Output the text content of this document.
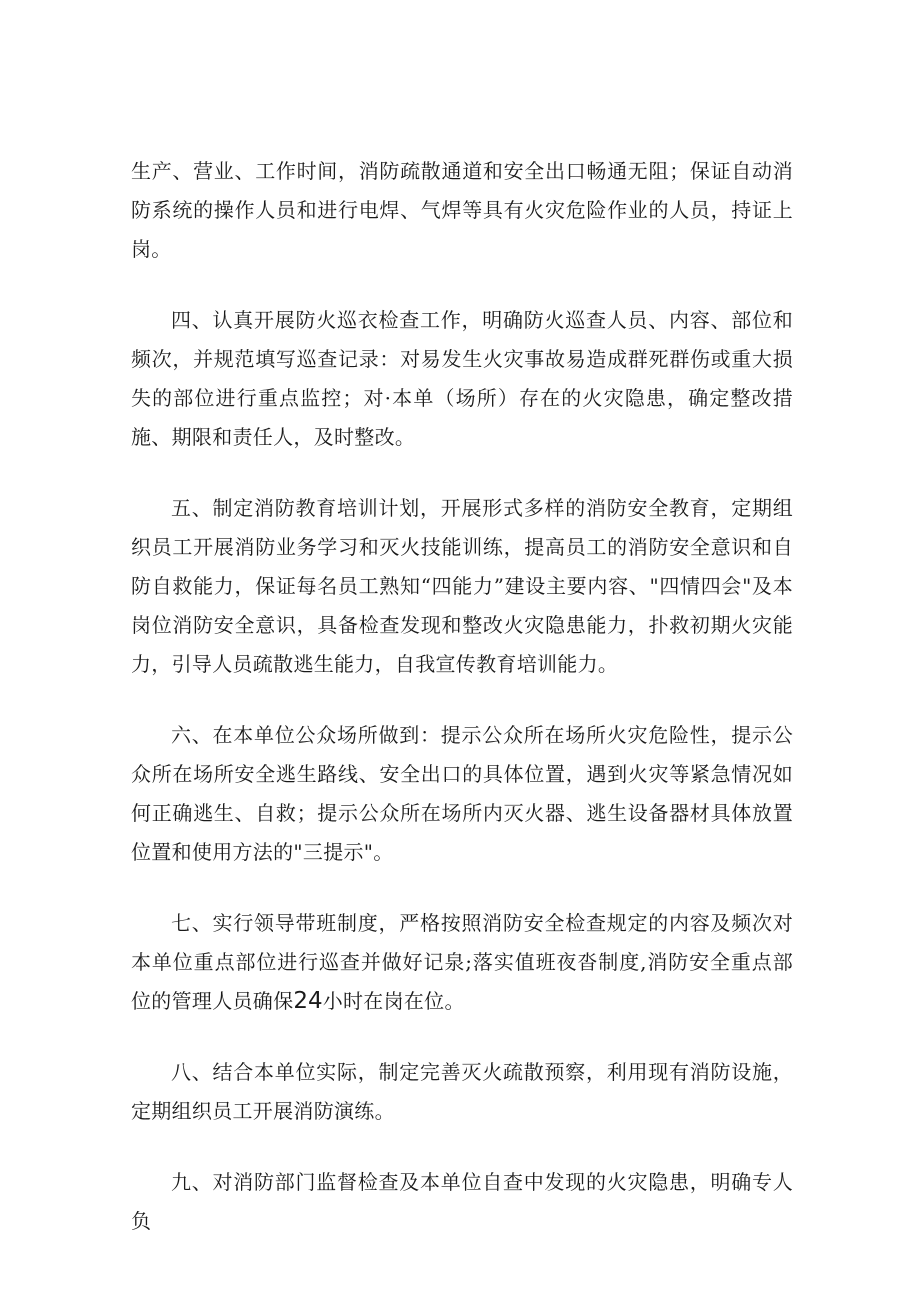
生产、营业、工作时间，消防疏散通道和安全出口畅通无阻；保证自动消防系统的操作人员和进行电焊、气焊等具有火灾危险作业的人员，持证上岗。

四、认真开展防火巡衣检查工作，明确防火巡查人员、内容、部位和频次，并规范填写巡查记录：对易发生火灾事故易造成群死群伤或重大损失的部位进行重点监控；对·本单（场所）存在的火灾隐患，确定整改措施、期限和责任人，及时整改。

五、制定消防教育培训计划，开展形式多样的消防安全教育，定期组织员工开展消防业务学习和灭火技能训练，提高员工的消防安全意识和自防自救能力，保证每名员工熟知“四能力”建设主要内容、"四情四会"及本岗位消防安全意识，具备检查发现和整改火灾隐患能力，扑救初期火灾能力，引导人员疏散逃生能力，自我宣传教育培训能力。

六、在本单位公众场所做到：提示公众所在场所火灾危险性，提示公众所在场所安全逃生路线、安全出口的具体位置，遇到火灾等紧急情况如何正确逃生、自救；提示公众所在场所内灭火器、逃生设备器材具体放置位置和使用方法的"三提示"。

七、实行领导带班制度，严格按照消防安全检查规定的内容及频次对本单位重点部位进行巡查并做好记泉;落实值班夜沓制度,消防安全重点部位的管理人员确保24小时在岗在位。

八、结合本单位实际，制定完善灭火疏散预察，利用现有消防设施，定期组织员工开展消防演练。

九、对消防部门监督检查及本单位自查中发现的火灾隐患，明确专人负
